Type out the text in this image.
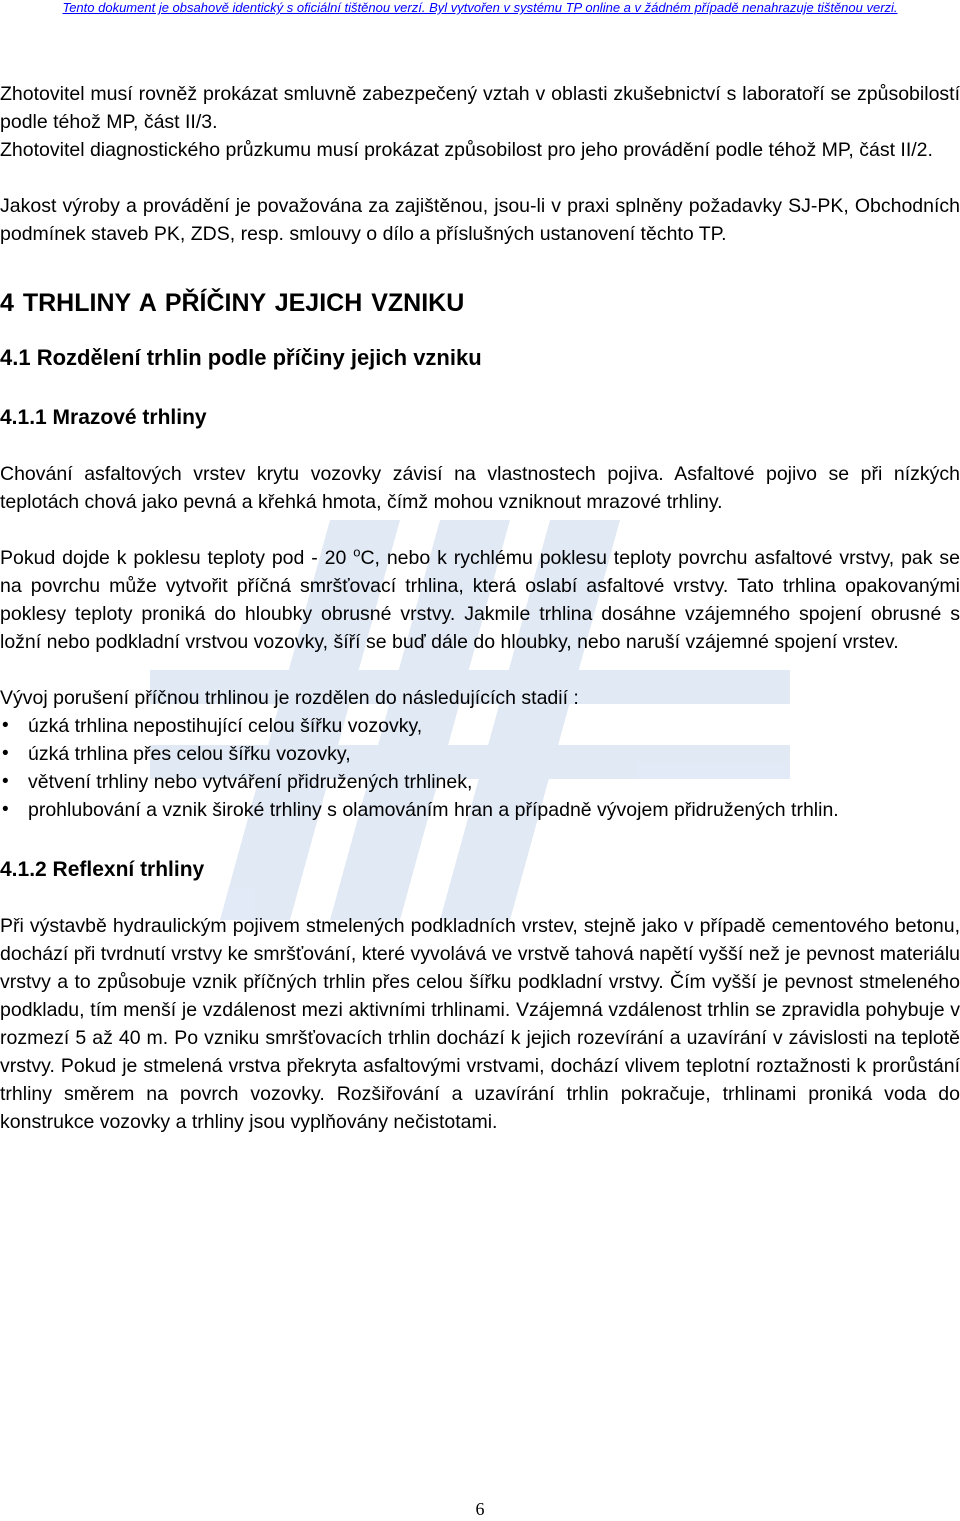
Tento dokument je obsahově identický s oficiální tištěnou verzí. Byl vytvořen v systému TP online a v žádném případě nenahrazuje tištěnou verzi.

Zhotovitel musí rovněž prokázat smluvně zabezpečený vztah v oblasti zkušebnictví s laboratoří se způsobilostí podle téhož MP, část II/3.

Zhotovitel diagnostického průzkumu musí prokázat způsobilost pro jeho provádění podle téhož MP, část II/2.

Jakost výroby a provádění je považována za zajištěnou, jsou-li v praxi splněny požadavky SJ-PK, Obchodních podmínek staveb PK, ZDS, resp. smlouvy o dílo a příslušných ustanovení těchto TP.

4 TRHLINY A PŘÍČINY JEJICH VZNIKU
4.1 Rozdělení trhlin podle příčiny jejich vzniku
4.1.1 Mrazové trhliny

Chování asfaltových vrstev krytu vozovky závisí na vlastnostech pojiva. Asfaltové pojivo se při nízkých teplotách chová jako pevná a křehká hmota, čímž mohou vzniknout mrazové trhliny.

Pokud dojde k poklesu teploty pod - 20 $^o$C, nebo k rychlému poklesu teploty povrchu asfaltové vrstvy, pak se na povrchu může vytvořit příčná smršťovací trhlina, která oslabí asfaltové vrstvy. Tato trhlina opakovanými poklesy teploty proniká do hloubky obrusné vrstvy. Jakmile trhlina dosáhne vzájemného spojení obrusné s ložní nebo podkladní vrstvou vozovky, šíří se buď dále do hloubky, nebo naruší vzájemné spojení vrstev.

Vývoj porušení příčnou trhlinou je rozdělen do následujících stadií :

• úzká trhlina nepostihující celou šířku vozovky,
• úzká trhlina přes celou šířku vozovky,
• větvení trhliny nebo vytváření přidružených trhlinek,
• prohlubování a vznik široké trhliny s olamováním hran a případně vývojem přidružených trhlin.
4.1.2 Reflexní trhliny

Při výstavbě hydraulickým pojivem stmelených podkladních vrstev, stejně jako v případě cementového betonu, dochází při tvrdnutí vrstvy ke smršťování, které vyvolává ve vrstvě tahová napětí vyšší než je pevnost materiálu vrstvy a to způsobuje vznik příčných trhlin přes celou šířku podkladní vrstvy. Čím vyšší je pevnost stmeleného podkladu, tím menší je vzdálenost mezi aktivními trhlinami. Vzájemná vzdálenost trhlin se zpravidla pohybuje v rozmezí 5 až 40 m. Po vzniku smršťovacích trhlin dochází k jejich rozevírání a uzavírání v závislosti na teplotě vrstvy. Pokud je stmelená vrstva překryta asfaltovými vrstvami, dochází vlivem teplotní roztažnosti k prorůstání trhliny směrem na povrch vozovky. Rozšiřování a uzavírání trhlin pokračuje, trhlinami proniká voda do konstrukce vozovky a trhliny jsou vyplňovány nečistotami.

6
